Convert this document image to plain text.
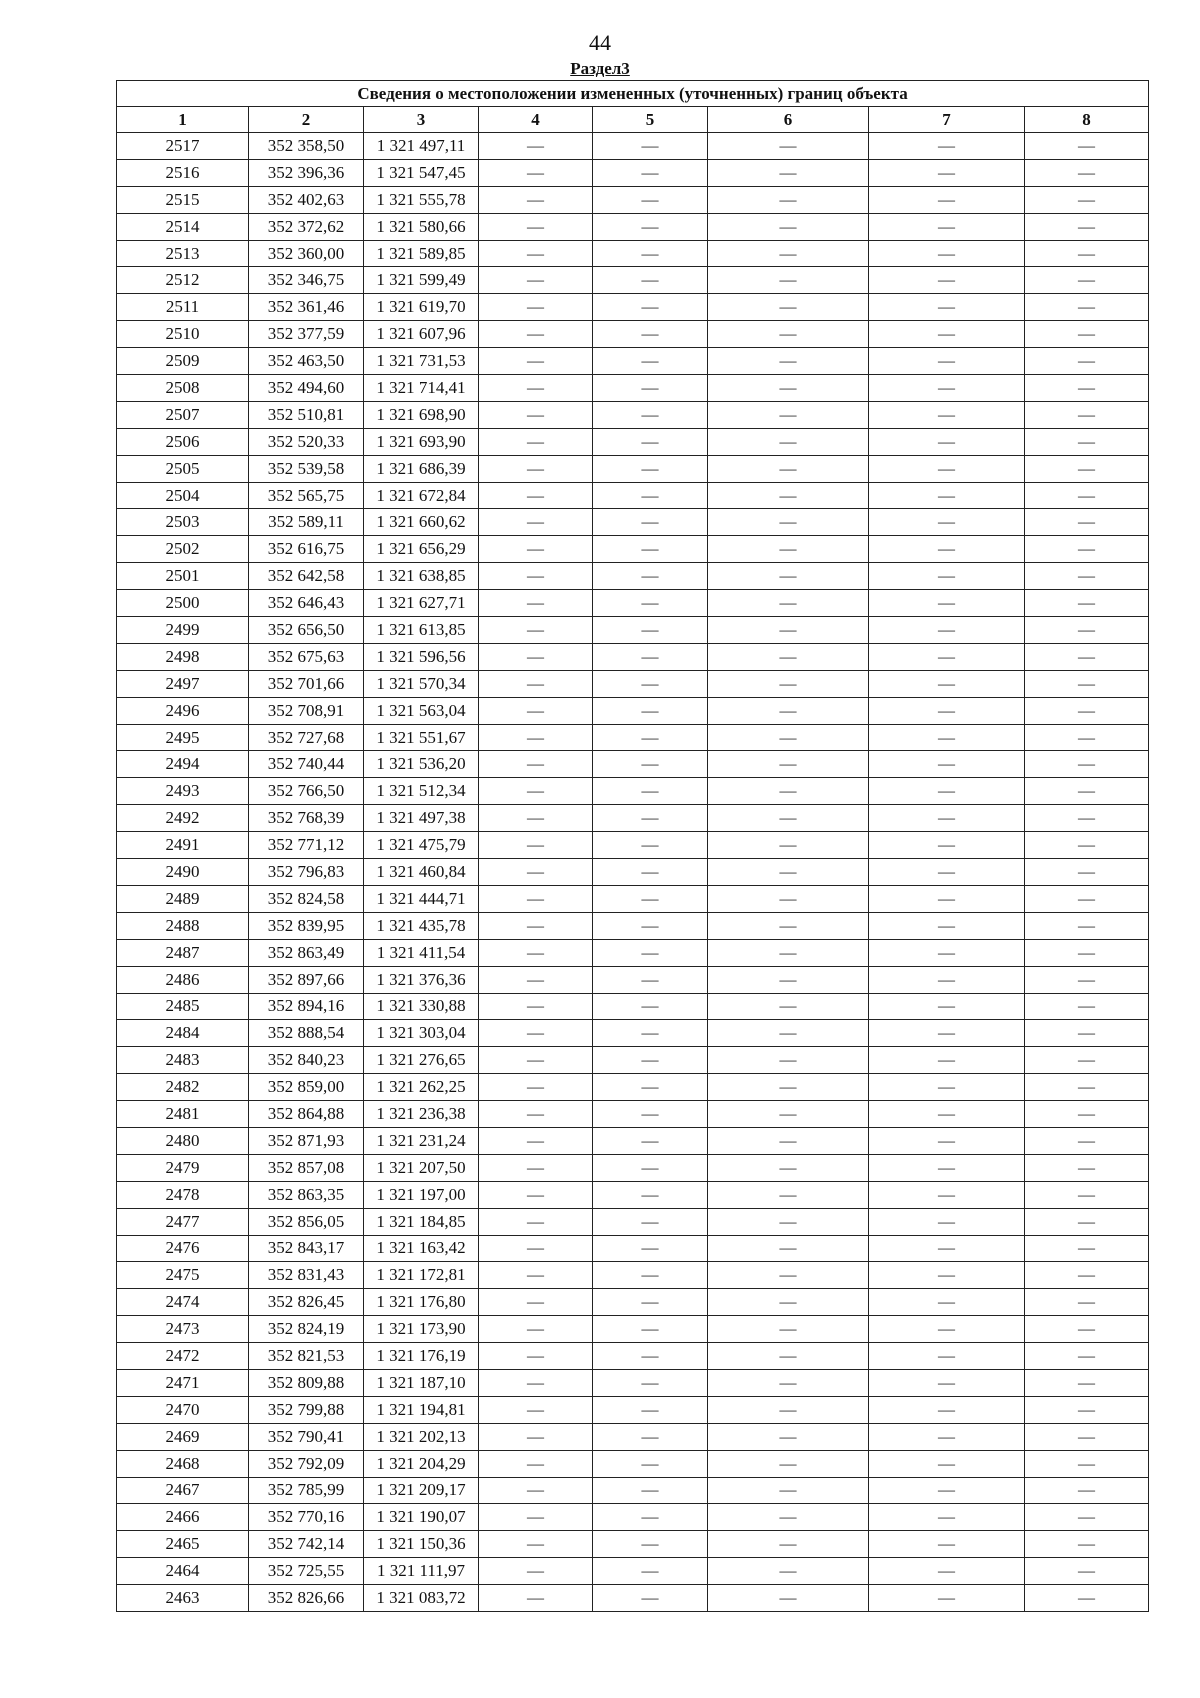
44
Раздел3
Сведения о местоположении измененных (уточненных) границ объекта							
1	2	3	4	5	6	7	8
2517	352 358,50	1 321 497,11	—	—	—	—	—
2516	352 396,36	1 321 547,45	—	—	—	—	—
2515	352 402,63	1 321 555,78	—	—	—	—	—
2514	352 372,62	1 321 580,66	—	—	—	—	—
2513	352 360,00	1 321 589,85	—	—	—	—	—
2512	352 346,75	1 321 599,49	—	—	—	—	—
2511	352 361,46	1 321 619,70	—	—	—	—	—
2510	352 377,59	1 321 607,96	—	—	—	—	—
2509	352 463,50	1 321 731,53	—	—	—	—	—
2508	352 494,60	1 321 714,41	—	—	—	—	—
2507	352 510,81	1 321 698,90	—	—	—	—	—
2506	352 520,33	1 321 693,90	—	—	—	—	—
2505	352 539,58	1 321 686,39	—	—	—	—	—
2504	352 565,75	1 321 672,84	—	—	—	—	—
2503	352 589,11	1 321 660,62	—	—	—	—	—
2502	352 616,75	1 321 656,29	—	—	—	—	—
2501	352 642,58	1 321 638,85	—	—	—	—	—
2500	352 646,43	1 321 627,71	—	—	—	—	—
2499	352 656,50	1 321 613,85	—	—	—	—	—
2498	352 675,63	1 321 596,56	—	—	—	—	—
2497	352 701,66	1 321 570,34	—	—	—	—	—
2496	352 708,91	1 321 563,04	—	—	—	—	—
2495	352 727,68	1 321 551,67	—	—	—	—	—
2494	352 740,44	1 321 536,20	—	—	—	—	—
2493	352 766,50	1 321 512,34	—	—	—	—	—
2492	352 768,39	1 321 497,38	—	—	—	—	—
2491	352 771,12	1 321 475,79	—	—	—	—	—
2490	352 796,83	1 321 460,84	—	—	—	—	—
2489	352 824,58	1 321 444,71	—	—	—	—	—
2488	352 839,95	1 321 435,78	—	—	—	—	—
2487	352 863,49	1 321 411,54	—	—	—	—	—
2486	352 897,66	1 321 376,36	—	—	—	—	—
2485	352 894,16	1 321 330,88	—	—	—	—	—
2484	352 888,54	1 321 303,04	—	—	—	—	—
2483	352 840,23	1 321 276,65	—	—	—	—	—
2482	352 859,00	1 321 262,25	—	—	—	—	—
2481	352 864,88	1 321 236,38	—	—	—	—	—
2480	352 871,93	1 321 231,24	—	—	—	—	—
2479	352 857,08	1 321 207,50	—	—	—	—	—
2478	352 863,35	1 321 197,00	—	—	—	—	—
2477	352 856,05	1 321 184,85	—	—	—	—	—
2476	352 843,17	1 321 163,42	—	—	—	—	—
2475	352 831,43	1 321 172,81	—	—	—	—	—
2474	352 826,45	1 321 176,80	—	—	—	—	—
2473	352 824,19	1 321 173,90	—	—	—	—	—
2472	352 821,53	1 321 176,19	—	—	—	—	—
2471	352 809,88	1 321 187,10	—	—	—	—	—
2470	352 799,88	1 321 194,81	—	—	—	—	—
2469	352 790,41	1 321 202,13	—	—	—	—	—
2468	352 792,09	1 321 204,29	—	—	—	—	—
2467	352 785,99	1 321 209,17	—	—	—	—	—
2466	352 770,16	1 321 190,07	—	—	—	—	—
2465	352 742,14	1 321 150,36	—	—	—	—	—
2464	352 725,55	1 321 111,97	—	—	—	—	—
2463	352 826,66	1 321 083,72	—	—	—	—	—
